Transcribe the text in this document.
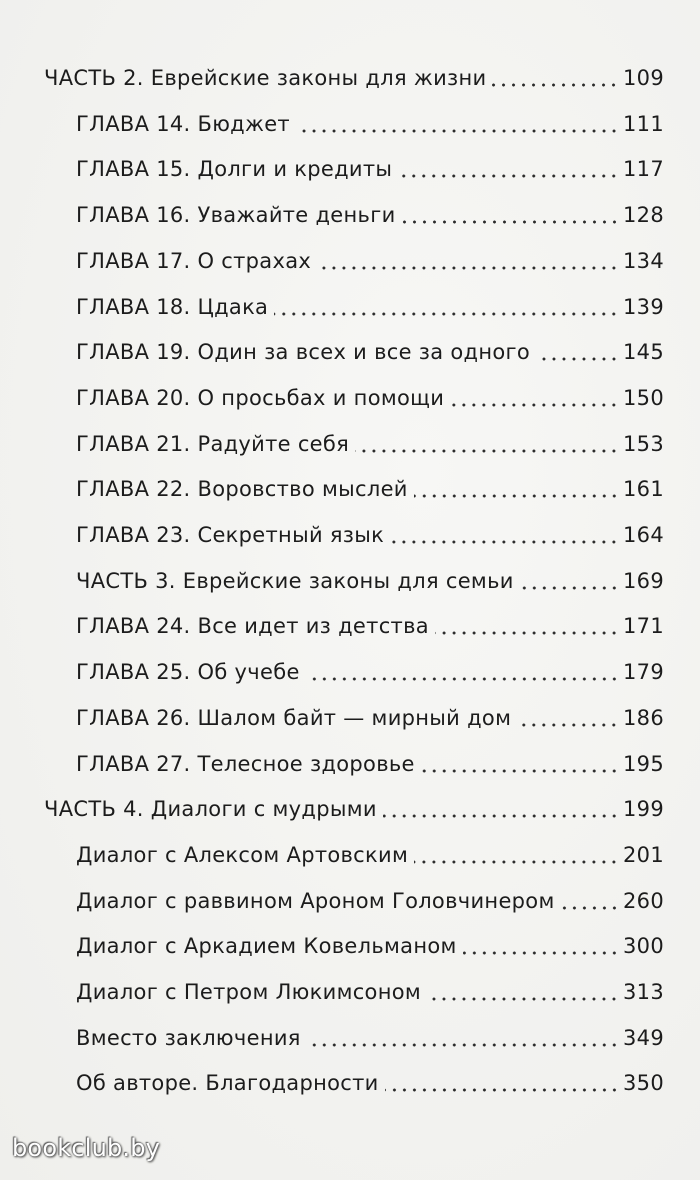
ЧАСТЬ 2. Еврейские законы для жизни	109
ГЛАВА 14. Бюджет	111
ГЛАВА 15. Долги и кредиты	117
ГЛАВА 16. Уважайте деньги	128
ГЛАВА 17. О страхах	134
ГЛАВА 18. Цдака	139
ГЛАВА 19. Один за всех и все за одного	145
ГЛАВА 20. О просьбах и помощи	150
ГЛАВА 21. Радуйте себя	153
ГЛАВА 22. Воровство мыслей	161
ГЛАВА 23. Секретный язык	164
ЧАСТЬ 3. Еврейские законы для семьи	169
ГЛАВА 24. Все идет из детства	171
ГЛАВА 25. Об учебе	179
ГЛАВА 26. Шалом байт — мирный дом	186
ГЛАВА 27. Телесное здоровье	195
ЧАСТЬ 4. Диалоги с мудрыми	199
Диалог с Алексом Артовским	201
Диалог с раввином Ароном Головчинером	260
Диалог с Аркадием Ковельманом	300
Диалог с Петром Люкимсоном	313
Вместо заключения	349
Об авторе. Благодарности	350
bookclub.by
